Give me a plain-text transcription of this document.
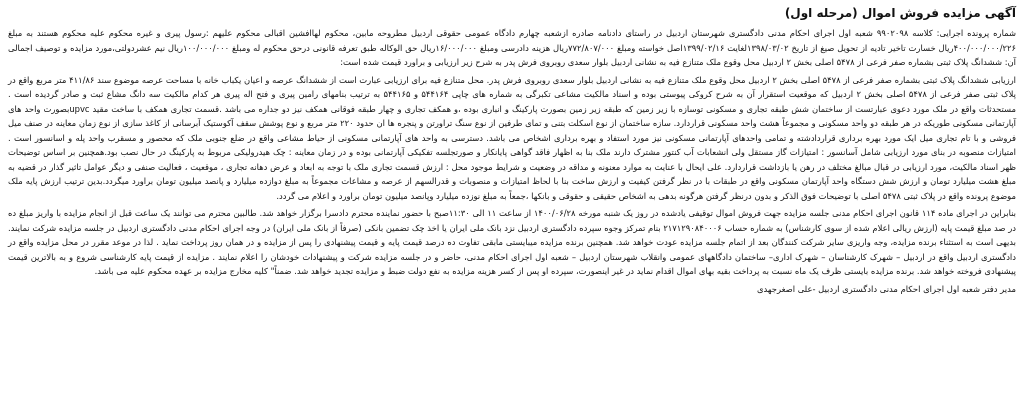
آگهی مزایده فروش اموال (مرحله اول)

شماره پرونده اجرایی: کلاسه ۹۹۰۲۰۹۸ شعبه اول اجرای احکام مدنی دادگستری شهرستان اردبیل در راستای دادنامه صادره ازشعبه چهارم دادگاه عمومی حقوقی اردبیل مطروحه مابین، محکوم لهاافشین اقبالی محکوم علیهم :رسول پیری و غیره محکوم علیه محکوم هستند به مبلغ ۴۰۰/۰۰۰/۰۰۰/۲۲۶ریال خسارت تاخیر تادیه از تحویل صیغ از تاریخ ۱۳۹۸/۰۳/۰۲لغایت ۱۳۹۹/۰۲/۱۶اصل خواسته ومبلغ ۷۷۲/۸۰۷/۰۰۰ریال هزینه دادرسی ومبلغ ۱۶/۰۰۰/۰۰۰ریال حق الوکاله طبق تعرفه قانونی درحق محکوم له ومبلغ ۱۰۰/۰۰۰/۰۰۰ریال نیم عشردولتی،مورد مزایده و توصیف اجمالی آن: ششدانگ پلاک ثبتی بشماره صفر فرعی از ۵۴۷۸ اصلی بخش ۲ اردبیل محل وقوع ملک متنازع فیه به نشانی اردبیل بلوار سعدی روبروی فرش پدر به شرح زیر ارزیابی و براورد قیمت شده است:

ارزیابی ششدانگ پلاک ثبتی بشماره صفر فرعی از ۵۴۷۸ اصلی بخش ۲ اردبیل محل وقوع ملک متنازع فیه به نشانی اردبیل بلوار سعدی روبروی فرش پدر. محل متنازع فیه برای ارزیابی عبارت است از ششدانگ عرصه و اعیان یکباب خانه با مساحت عرصه موضوع سند ۴۱۱/۸۶ متر مربع واقع در پلاک ثبتی صفر فرعی از ۵۴۷۸ اصلی بخش ۲ اردبیل که موقعیت استقرار آن به شرح کروکی پیوستی بوده و اسناد مالکیت مشاعی تکبرگی به شماره های چاپی ۵۴۴۱۶۴ و ۵۴۴۱۶۵ به ترتیب بنامهای رامین پیری و فتح اله پیری هر کدام مالکیت سه دانگ مشاع ثبت و صادر گردیده است . مستحدثات واقع در ملک مورد دعوی عبارتست از ساختمان شش طبقه تجاری و مسکونی توسازه با زیر زمین که طبقه زیر زمین بصورت پارکینگ و انباری بوده ،و همکف تجاری و چهار طبقه فوقانی همکف نیز دو جداره می باشد .قسمت تجاری همکف با ساخت مقید upvcبصورت واحد های آپارتمانی مسکونی طوریکه در هر طبقه دو واحد مسکونی و مجموعاً هشت واحد مسکونی قراردارد. سازه ساختمان از نوع اسکلت بتنی و تمای طرفین از نوع سنگ تراورتن و پنجره ها ان حدود ۲۲۰ متر مربع و نوع پوشش سقف آکوستیک آبرسانی از کاغذ سازی از نوع زمان معاینه در صنف میل فروشی و با تام تجاری میل ایک مورد بهره برداری قراردادشته و تمامی واحدهای آپارتمانی مسکونی نیز مورد استفاد و بهره برداری اشخاص می باشد. دسترسی به واحد های آپارتمانی مسکونی از حیاط مشاعی واقع در ضلع جنوبی ملک که محصور و مسقرب واحد پله و اسانسور است . امتیازات منصوبه در بنای مورد ارزیابی شامل آسانسور : امتیازات گاز مستقل ولی انشعابات آب کنتور مشترک دارند ملک بنا به اظهار فاقد گواهی پایانکار و صورتجلسه تفکیکی آپارتمانی بوده و در زمان معاینه : چک هیدرولیکی مربوط به پارکینگ در حال نصب بود.همچنین بر اساس توضیحات ظهر اسناد مالکیت، مورد ارزیابی در قبال مبالغ مختلف در رهن یا بازداشت قراردارد. علی ایحال با عنایت به موارد معنونه و مداقه در وضعیت و شرایط موجود محل : ارزش قسمت تجاری ملک با توجه به ابعاد و عرض دهانه تجاری ، موقعیت ، فعالیت صنفی و دیگر عوامل تاثیر گذار در قضیه به مبلغ هشت میلیارد تومان و ارزش شش دستگاه واحد آپارتمان مسکونی واقع در طبقات با در نظر گرفتن کیفیت و ارزش ساخت بنا با لحاظ امتیازات و منصوبات و قدرالسهم از عرصه و مشاعات مجموعاً به مبلغ دوازده میلیارد و پانصد میلیون تومان براورد میگردد.بدین ترتیب ارزش پایه ملک موضوع پرونده واقع در پلاک ثبتی ۵۴۷۸ اصلی با توضیحات فوق الذکر و بدون درنظر گرفتن هرگونه بدهی به اشخاص حقیقی و حقوقی و بانکها ،جمعاً به مبلغ نوزده میلیارد وپانصد میلیون تومان براورد و اعلام می گردد.

بنابراین در اجرای ماده ۱۱۴ قانون اجرای احکام مدنی جلسه مزایده جهت فروش اموال توقیفی یادشده در روز یک شنبه مورخه ۱۴۰۰/۰۶/۲۸ از ساعت ۱۱ الی ۱۱:۳۰صبح با حضور نماینده محترم دادسرا برگزار خواهد شد. طالبین محترم می توانند یک ساعت قبل از انجام مزایده با واریز مبلغ ده در صد مبلغ قیمت پایه (ارزش ریالی اعلام شده از سوی کارشناس) به شماره حساب ۲۱۷۱۲۹۰۸۴۰۰۰۶ بنام تمرکز وجوه سپرده دادگستری اردبیل نزد بانک ملی ایران یا اخذ چک تضمین بانکی (صرفاً از بانک ملی ایران) در وجه اجرای احکام مدنی دادگستری اردبیل در جلسه مزایده شرکت نمایند. بدیهی است به استثناء برنده مزایده، وجه واریزی سایر شرکت کنندگان بعد از اتمام جلسه مزایده عودت خواهد شد. همچنین برنده مزایده میبایستی مابقی تفاوت ده درصد قیمت پایه و قیمت پیشنهادی را پس از مزایده و در همان روز پرداخت نماید . لذا در موعد مقرر در محل مزایده واقع در دادگستری اردبیل واقع در اردبیل – شهرک کارشناسان – شهرک اداری– ساختمان دادگاههای عمومی وانقلاب شهرستان اردبیل – شعبه اول اجرای احکام مدنی، حاضر و در جلسه مزایده شرکت و پیشنهادات خودشان را اعلام نمایند . مزایده از قیمت پایه کارشناسی شروع و به بالاترین قیمت پیشنهادی فروخته خواهد شد. برنده مزایده بایستی ظرف یک ماه نسبت به پرداخت بقیه بهای اموال اقدام نماید در غیر اینصورت، سپرده او پس از کسر هزینه مزایده به نفع دولت ضبط و مزایده تجدید خواهد شد. ضمناً" کلیه مخارج مزایده بر عهده محکوم علیه می باشد.

مدیر دفتر شعبه اول اجرای احکام مدنی دادگستری اردبیل -علی اصغرجهدی
